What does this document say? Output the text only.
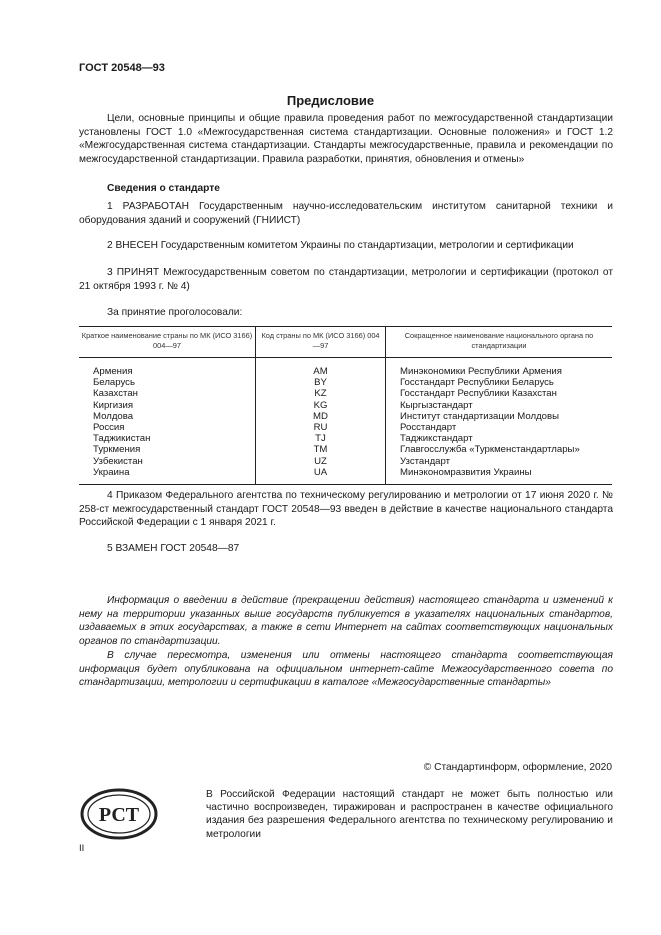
ГОСТ 20548—93
Предисловие
Цели, основные принципы и общие правила проведения работ по межгосударственной стандартизации установлены ГОСТ 1.0 «Межгосударственная система стандартизации. Основные положения» и ГОСТ 1.2 «Межгосударственная система стандартизации. Стандарты межгосударственные, правила и рекомендации по межгосударственной стандартизации. Правила разработки, принятия, обновления и отмены»
Сведения о стандарте
1 РАЗРАБОТАН Государственным научно-исследовательским институтом санитарной техники и оборудования зданий и сооружений (ГНИИСТ)
2 ВНЕСЕН Государственным комитетом Украины по стандартизации, метрологии и сертификации
3 ПРИНЯТ Межгосударственным советом по стандартизации, метрологии и сертификации (протокол от 21 октября 1993 г. № 4)
За принятие проголосовали:
Краткое наименование страны по МК (ИСО 3166) 004—97	Код страны по МК (ИСО 3166) 004—97	Сокращенное наименование национального органа по стандартизации
Армения	AM	Минэкономики Республики Армения
Беларусь	BY	Госстандарт Республики Беларусь
Казахстан	KZ	Госстандарт Республики Казахстан
Киргизия	KG	Кыргызстандарт
Молдова	MD	Институт стандартизации Молдовы
Россия	RU	Росстандарт
Таджикистан	TJ	Таджикстандарт
Туркмения	TM	Главгосслужба «Туркменстандартлары»
Узбекистан	UZ	Узстандарт
Украина	UA	Минэкономразвития Украины
4 Приказом Федерального агентства по техническому регулированию и метрологии от 17 июня 2020 г. № 258-ст межгосударственный стандарт ГОСТ 20548—93 введен в действие в качестве национального стандарта Российской Федерации с 1 января 2021 г.
5 ВЗАМЕН ГОСТ 20548—87
Информация о введении в действие (прекращении действия) настоящего стандарта и изменений к нему на территории указанных выше государств публикуется в указателях национальных стандартов, издаваемых в этих государствах, а также в сети Интернет на сайтах соответствующих национальных органов по стандартизации.
В случае пересмотра, изменения или отмены настоящего стандарта соответствующая информация будет опубликована на официальном интернет-сайте Межгосударственного совета по стандартизации, метрологии и сертификации в каталоге «Межгосударственные стандарты»
© Стандартинформ, оформление, 2020
РСТ
В Российской Федерации настоящий стандарт не может быть полностью или частично воспроизведен, тиражирован и распространен в качестве официального издания без разрешения Федерального агентства по техническому регулированию и метрологии
II
